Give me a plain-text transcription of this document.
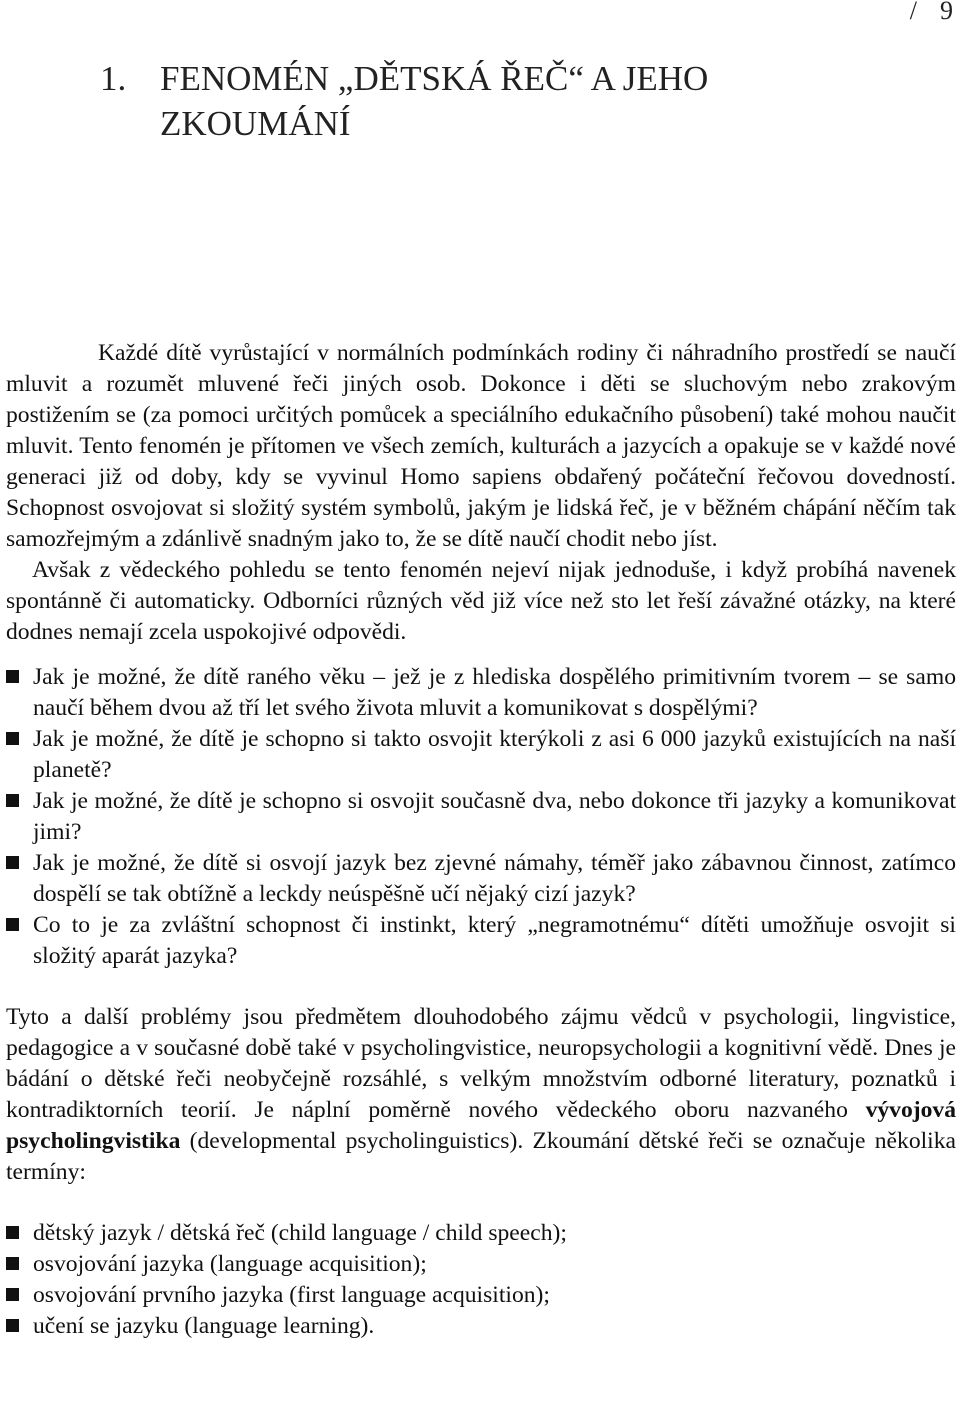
/ 9
1. FENOMÉN „DĚTSKÁ ŘEČ“ A JEHO
ZKOUMÁNÍ

Každé dítě vyrůstající v normálních podmínkách rodiny či náhradního prostředí se naučí mluvit a rozumět mluvené řeči jiných osob. Dokonce i děti se sluchovým nebo zrakovým postižením se (za pomoci určitých pomůcek a speciálního edukačního působení) také mohou naučit mluvit. Tento fenomén je přítomen ve všech zemích, kulturách a jazycích a opakuje se v každé nové generaci již od doby, kdy se vyvinul Homo sapiens obdařený počáteční řečovou dovedností. Schopnost osvojovat si složitý systém symbolů, jakým je lidská řeč, je v běžném chápání něčím tak samozřejmým a zdánlivě snadným jako to, že se dítě naučí chodit nebo jíst.

Avšak z vědeckého pohledu se tento fenomén nejeví nijak jednoduše, i když probíhá navenek spontánně či automaticky. Odborníci různých věd již více než sto let řeší závažné otázky, na které dodnes nemají zcela uspokojivé odpovědi.

Jak je možné, že dítě raného věku – jež je z hlediska dospělého primitivním tvorem – se samo naučí během dvou až tří let svého života mluvit a komunikovat s dospělými?
Jak je možné, že dítě je schopno si takto osvojit kterýkoli z asi 6 000 jazyků existujících na naší planetě?
Jak je možné, že dítě je schopno si osvojit současně dva, nebo dokonce tři jazyky a komunikovat jimi?
Jak je možné, že dítě si osvojí jazyk bez zjevné námahy, téměř jako zábavnou činnost, zatímco dospělí se tak obtížně a leckdy neúspěšně učí nějaký cizí jazyk?
Co to je za zvláštní schopnost či instinkt, který „negramotnému“ dítěti umožňuje osvojit si složitý aparát jazyka?

Tyto a další problémy jsou předmětem dlouhodobého zájmu vědců v psychologii, lingvistice, pedagogice a v současné době také v psycholingvistice, neuropsychologii a kognitivní vědě. Dnes je bádání o dětské řeči neobyčejně rozsáhlé, s velkým množstvím odborné literatury, poznatků i kontradiktorních teorií. Je náplní poměrně nového vědeckého oboru nazvaného vývojová psycholingvistika (developmental psycholinguistics). Zkoumání dětské řeči se označuje několika termíny:

dětský jazyk / dětská řeč (child language / child speech);
osvojování jazyka (language acquisition);
osvojování prvního jazyka (first language acquisition);
učení se jazyku (language learning).
